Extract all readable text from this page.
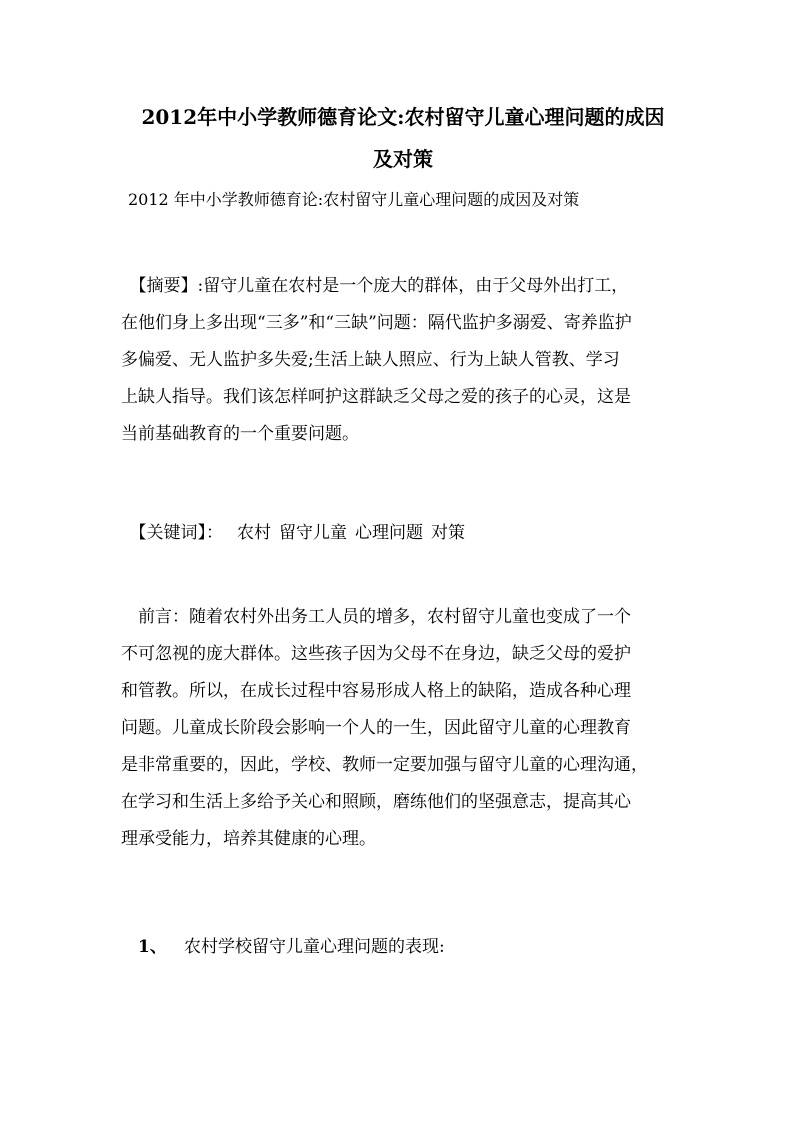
2012年中小学教师德育论文:农村留守儿童心理问题的成因
及对策

2012 年中小学教师德育论:农村留守儿童心理问题的成因及对策

　【摘要】:留守儿童在农村是一个庞大的群体，由于父母外出打工，
在他们身上多出现“三多”和“三缺”问题：隔代监护多溺爱、寄养监护
多偏爱、无人监护多失爱;生活上缺人照应、行为上缺人管教、学习
上缺人指导。我们该怎样呵护这群缺乏父母之爱的孩子的心灵，这是
当前基础教育的一个重要问题。
　【关键词】： 农村 留守儿童 心理问题 对策
　前言：随着农村外出务工人员的增多，农村留守儿童也变成了一个
不可忽视的庞大群体。这些孩子因为父母不在身边，缺乏父母的爱护
和管教。所以，在成长过程中容易形成人格上的缺陷，造成各种心理
问题。儿童成长阶段会影响一个人的一生，因此留守儿童的心理教育
是非常重要的，因此，学校、教师一定要加强与留守儿童的心理沟通，
在学习和生活上多给予关心和照顾，磨练他们的坚强意志，提高其心
理承受能力，培养其健康的心理。

1、 农村学校留守儿童心理问题的表现:
